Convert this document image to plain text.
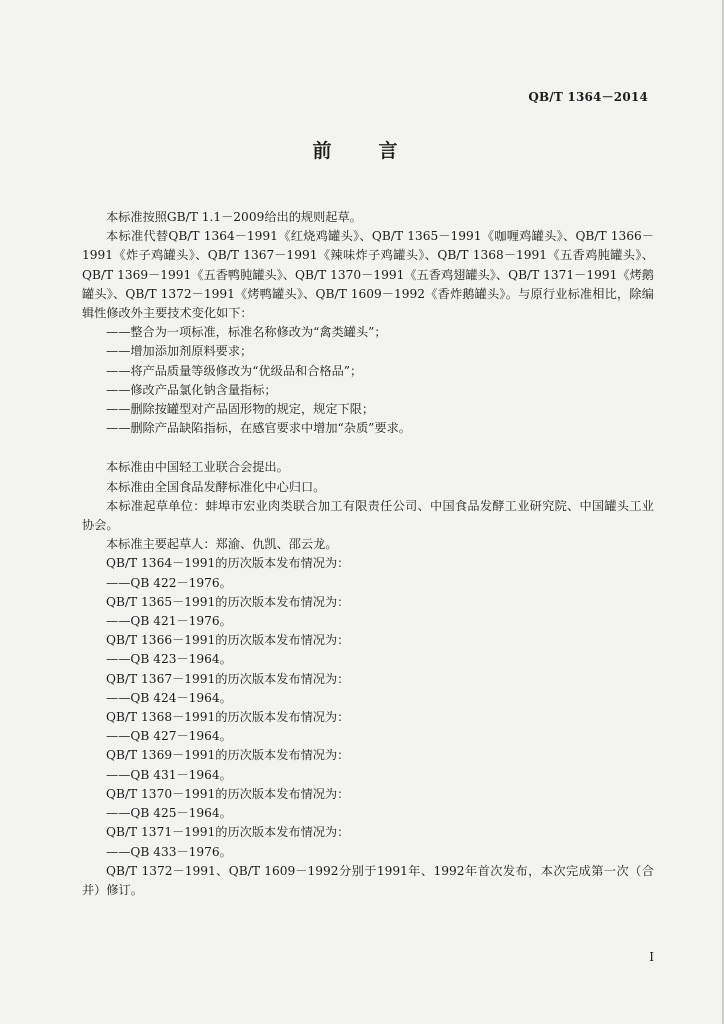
QB/T 1364－2014
前　言

本标准按照GB/T 1.1－2009给出的规则起草。

本标准代替QB/T 1364－1991《红烧鸡罐头》、QB/T 1365－1991《咖喱鸡罐头》、QB/T 1366－1991《炸子鸡罐头》、QB/T 1367－1991《辣味炸子鸡罐头》、QB/T 1368－1991《五香鸡肫罐头》、QB/T 1369－1991《五香鸭肫罐头》、QB/T 1370－1991《五香鸡翅罐头》、QB/T 1371－1991《烤鹅罐头》、QB/T 1372－1991《烤鸭罐头》、QB/T 1609－1992《香炸鹅罐头》。与原行业标准相比，除编辑性修改外主要技术变化如下：

——整合为一项标准，标准名称修改为“禽类罐头”；

——增加添加剂原料要求；

——将产品质量等级修改为“优级品和合格品”；

——修改产品氯化钠含量指标；

——删除按罐型对产品固形物的规定，规定下限；

——删除产品缺陷指标，在感官要求中增加“杂质”要求。

本标准由中国轻工业联合会提出。

本标准由全国食品发酵标准化中心归口。

本标准起草单位：蚌埠市宏业肉类联合加工有限责任公司、中国食品发酵工业研究院、中国罐头工业协会。

本标准主要起草人：郑渝、仇凯、邵云龙。

QB/T 1364－1991的历次版本发布情况为：

——QB 422－1976。

QB/T 1365－1991的历次版本发布情况为：

——QB 421－1976。

QB/T 1366－1991的历次版本发布情况为：

——QB 423－1964。

QB/T 1367－1991的历次版本发布情况为：

——QB 424－1964。

QB/T 1368－1991的历次版本发布情况为：

——QB 427－1964。

QB/T 1369－1991的历次版本发布情况为：

——QB 431－1964。

QB/T 1370－1991的历次版本发布情况为：

——QB 425－1964。

QB/T 1371－1991的历次版本发布情况为：

——QB 433－1976。

QB/T 1372－1991、QB/T 1609－1992分别于1991年、1992年首次发布，本次完成第一次（合并）修订。

I
